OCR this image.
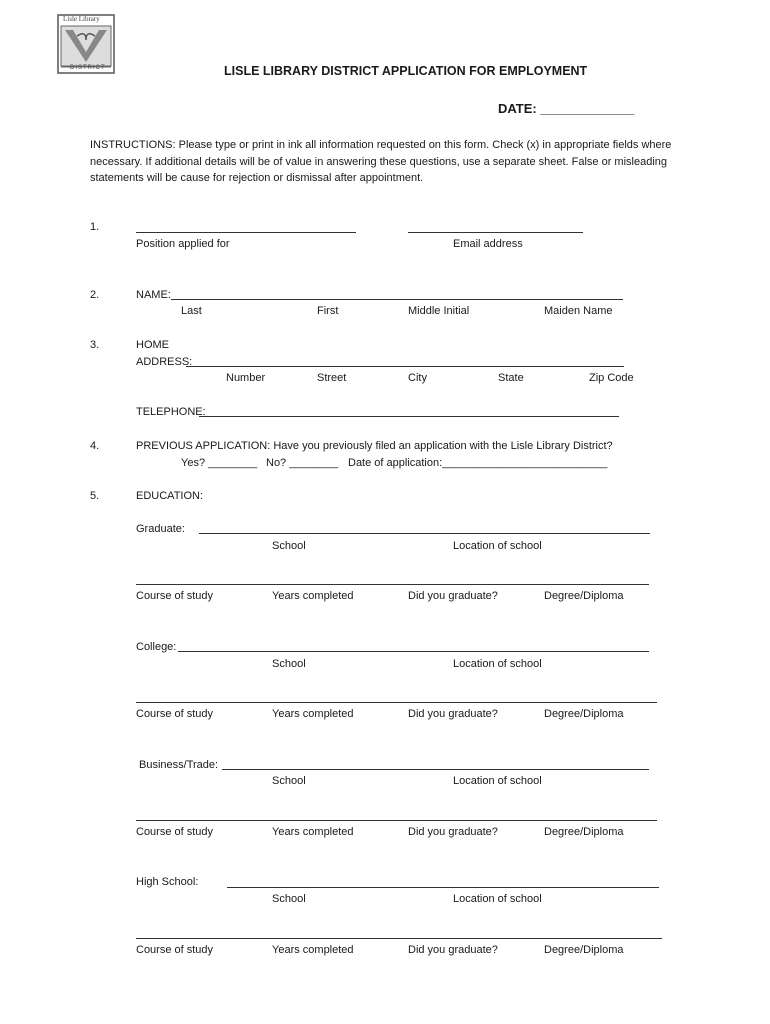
Lisle Library
DISTRICT	LISLE LIBRARY DISTRICT APPLICATION FOR EMPLOYMENT
DATE: _____________
INSTRUCTIONS: Please type or print in ink all information requested on this form. Check (x) in appropriate fields where necessary. If additional details will be of value in answering these questions, use a separate sheet. False or misleading statements will be cause for rejection or dismissal after appointment.
1.
Position applied for	Email address
2.	NAME:
Last	First	Middle Initial	Maiden Name
3.	HOME
ADDRESS:
Number	Street	City	State	Zip Code
TELEPHONE:
4.	PREVIOUS APPLICATION: Have you previously filed an application with the Lisle Library District?
Yes? ________ No? ________ Date of application:___________________________
5.	EDUCATION:
Graduate:
School	Location of school
Course of study	Years completed	Did you graduate?	Degree/Diploma
College:
School	Location of school
Course of study	Years completed	Did you graduate?	Degree/Diploma
Business/Trade:
School	Location of school
Course of study	Years completed	Did you graduate?	Degree/Diploma
High School:
School	Location of school
Course of study	Years completed	Did you graduate?	Degree/Diploma
